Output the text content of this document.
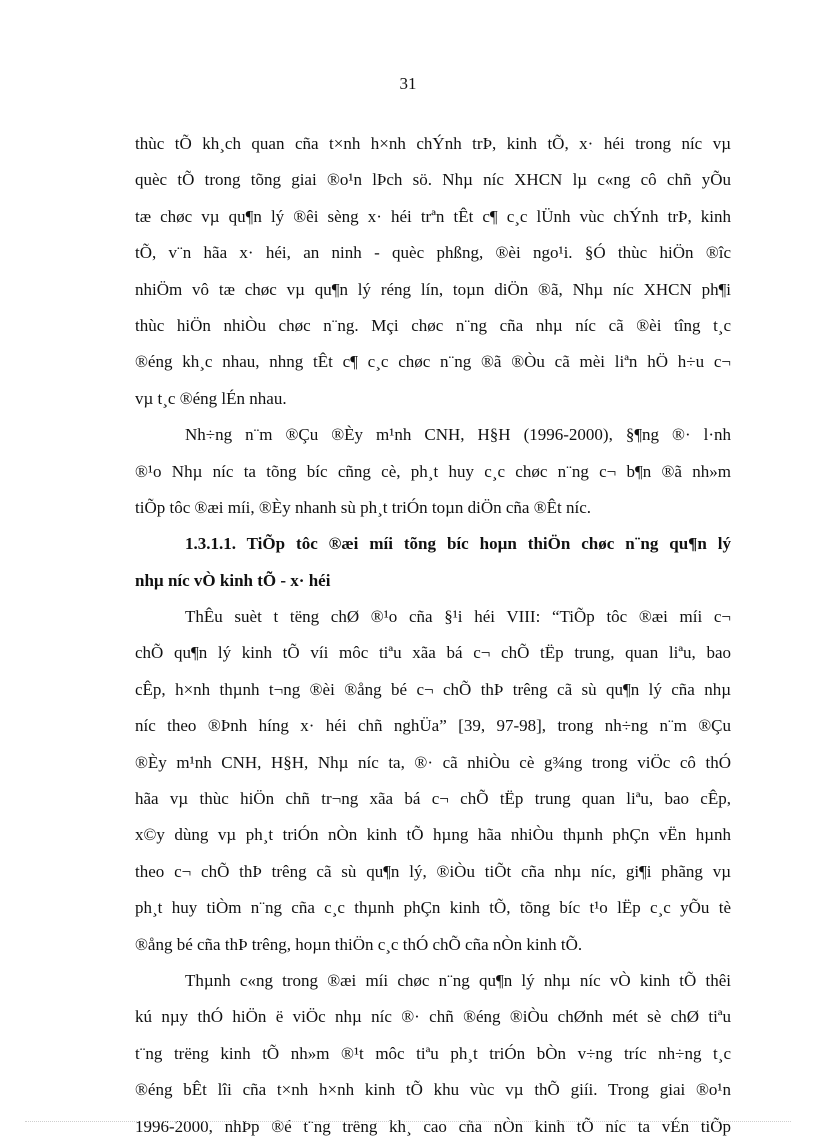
31
thùc tÕ kh¸ch quan cña t×nh h×nh chÝnh trÞ, kinh tÕ, x· héi trong níc vµ
quèc tÕ trong tõng giai ®o¹n lÞch sö. Nhµ níc XHCN lµ c«ng cô chñ yÕu
tæ chøc vµ qu¶n lý ®êi sèng x· héi trªn tÊt c¶ c¸c lÜnh vùc chÝnh trÞ, kinh
tÕ, v¨n hãa x· héi, an ninh - quèc phßng, ®èi ngo¹i. §Ó thùc hiÖn ®îc
nhiÖm vô tæ chøc vµ qu¶n lý réng lín, toµn diÖn ®ã, Nhµ níc XHCN ph¶i
thùc hiÖn nhiÒu chøc n¨ng. Mçi chøc n¨ng cña nhµ níc cã ®èi tîng t¸c
®éng kh¸c nhau, nhng tÊt c¶ c¸c chøc n¨ng ®ã ®Òu cã mèi liªn hÖ h÷u c¬
vµ t¸c ®éng lÉn nhau.
Nh÷ng n¨m ®Çu ®Èy m¹nh CNH, H§H (1996-2000), §¶ng ®· l·nh
®¹o Nhµ níc ta tõng bíc cñng cè, ph¸t huy c¸c chøc n¨ng c¬ b¶n ®ã nh»m
tiÕp tôc ®æi míi, ®Èy nhanh sù ph¸t triÓn toµn diÖn cña ®Êt níc.
1.3.1.1. TiÕp tôc ®æi míi tõng bíc hoµn thiÖn chøc n¨ng qu¶n lý
nhµ níc vÒ kinh tÕ - x· héi
ThÊu suèt t tëng chØ ®¹o cña §¹i héi VIII: “TiÕp tôc ®æi míi c¬
chÕ qu¶n lý kinh tÕ víi môc tiªu xãa bá c¬ chÕ tËp trung, quan liªu, bao
cÊp, h×nh thµnh t¬ng ®èi ®ång bé c¬ chÕ thÞ trêng cã sù qu¶n lý cña nhµ
níc theo ®Þnh híng x· héi chñ nghÜa” [39, 97-98], trong nh÷ng n¨m ®Çu
®Èy m¹nh CNH, H§H, Nhµ níc ta, ®· cã nhiÒu cè g¾ng trong viÖc cô thÓ
hãa vµ thùc hiÖn chñ tr¬ng xãa bá c¬ chÕ tËp trung quan liªu, bao cÊp,
x©y dùng vµ ph¸t triÓn nÒn kinh tÕ hµng hãa nhiÒu thµnh phÇn vËn hµnh
theo c¬ chÕ thÞ trêng cã sù qu¶n lý, ®iÒu tiÕt cña nhµ níc, gi¶i phãng vµ
ph¸t huy tiÒm n¨ng cña c¸c thµnh phÇn kinh tÕ, tõng bíc t¹o lËp c¸c yÕu tè
®ång bé cña thÞ trêng, hoµn thiÖn c¸c thÓ chÕ cña nÒn kinh tÕ.
Thµnh c«ng trong ®æi míi chøc n¨ng qu¶n lý nhµ níc vÒ kinh tÕ thêi
kú nµy thÓ hiÖn ë viÖc nhµ níc ®· chñ ®éng ®iÒu chØnh mét sè chØ tiªu
t¨ng trëng kinh tÕ nh»m ®¹t môc tiªu ph¸t triÓn bÒn v÷ng tríc nh÷ng t¸c
®éng bÊt lîi cña t×nh h×nh kinh tÕ khu vùc vµ thÕ giíi. Trong giai ®o¹n
1996-2000, nhÞp ®é t¨ng trëng kh¸ cao cña nÒn kinh tÕ níc ta vÉn tiÕp
